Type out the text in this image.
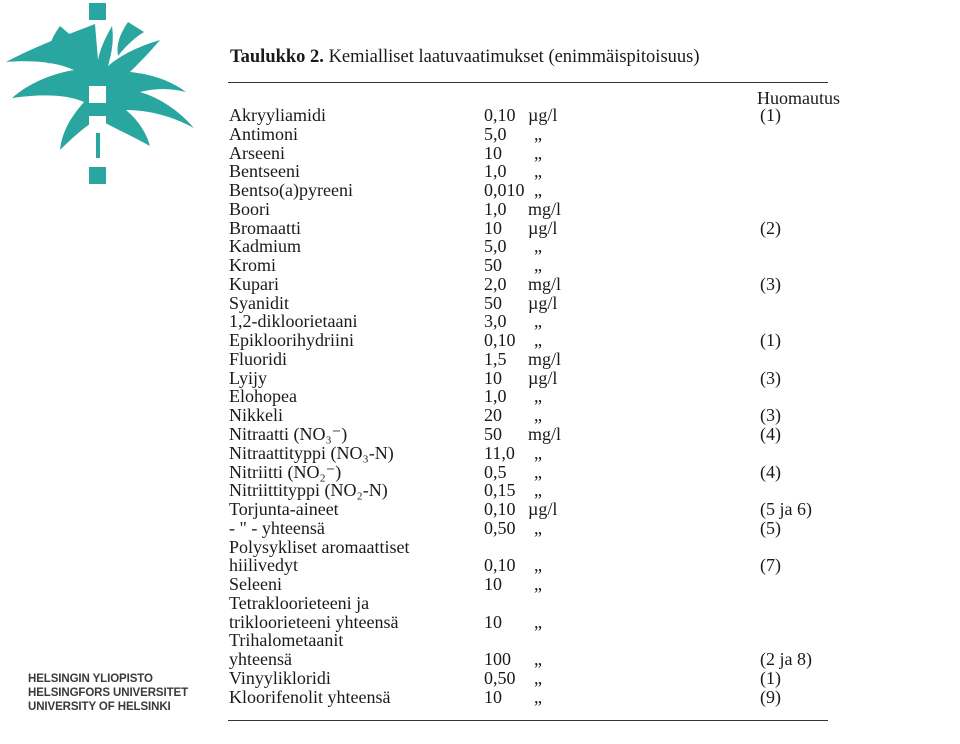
HELSINGIN YLIOPISTO
HELSINGFORS UNIVERSITET
UNIVERSITY OF HELSINKI
Taulukko 2. Kemialliset laatuvaatimukset (enimmäispitoisuus)
Huomautus
Akryyliamidi	0,10 µg/l	(1)
Antimoni	5,0 „
Arseeni	10 „
Bentseeni	1,0 „
Bentso(a)pyreeni	0,010 „
Boori	1,0 mg/l
Bromaatti	10 µg/l	(2)
Kadmium	5,0 „
Kromi	50 „
Kupari	2,0 mg/l	(3)
Syanidit	50 µg/l
1,2-dikloorietaani	3,0 „
Epikloorihydriini	0,10 „	(1)
Fluoridi	1,5 mg/l
Lyijy	10 µg/l	(3)
Elohopea	1,0 „
Nikkeli	20 „	(3)
Nitraatti (NO₃⁻)	50 mg/l	(4)
Nitraattityppi (NO₃-N)	11,0 „
Nitriitti (NO₂⁻)	0,5 „	(4)
Nitriittityppi (NO₂-N)	0,15 „
Torjunta-aineet	0,10 µg/l	(5 ja 6)
- " - yhteensä	0,50 „	(5)
Polysykliset aromaattiset
hiilivedyt	0,10 „	(7)
Seleeni	10 „
Tetrakloorieteeni ja
trikloorieteeni yhteensä	10 „
Trihalometaanit
yhteensä	100 „	(2 ja 8)
Vinyylikloridi	0,50 „	(1)
Kloorifenolit yhteensä	10 „	(9)
